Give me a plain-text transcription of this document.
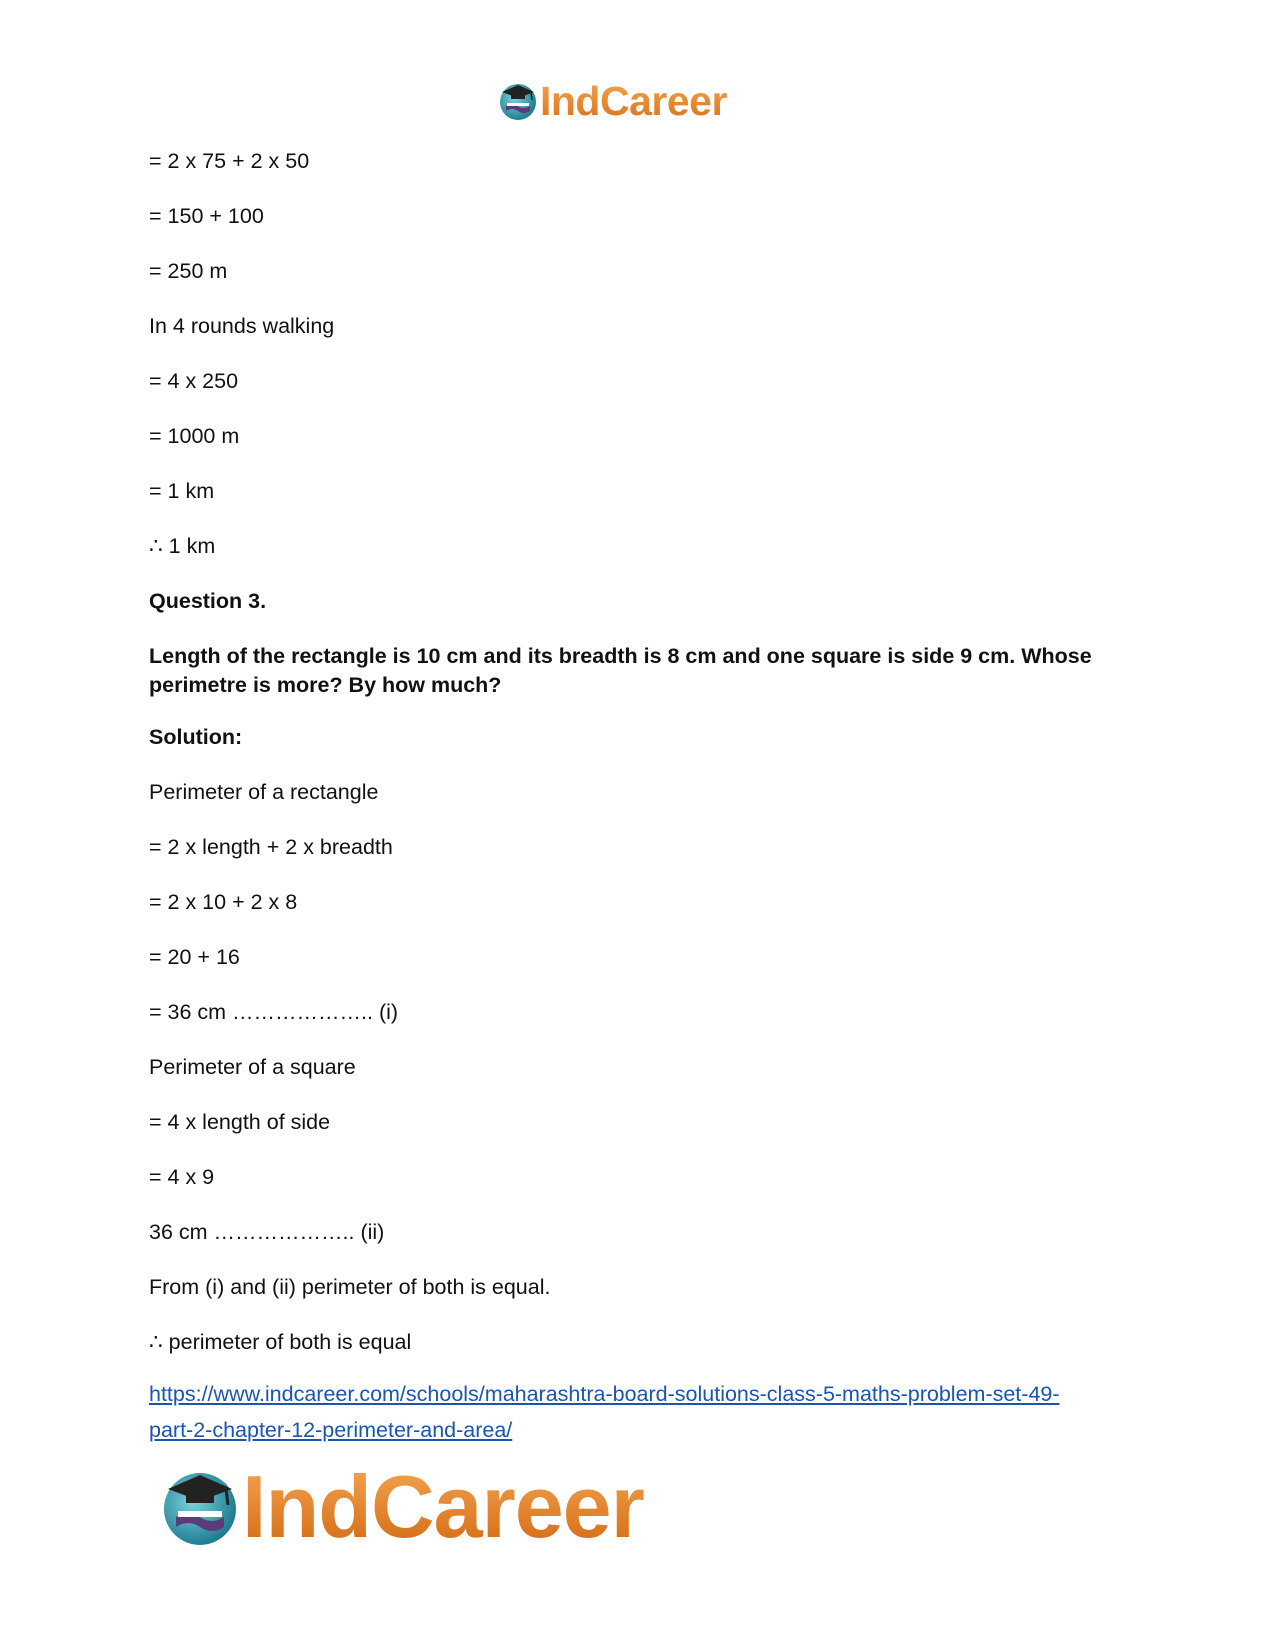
IndCareer
= 2 x 75 + 2 x 50
= 150 + 100
= 250 m
In 4 rounds walking
= 4 x 250
= 1000 m
= 1 km
∴ 1 km
Question 3.
Length of the rectangle is 10 cm and its breadth is 8 cm and one square is side 9 cm. Whose perimetre is more? By how much?
Solution:
Perimeter of a rectangle
= 2 x length + 2 x breadth
= 2 x 10 + 2 x 8
= 20 + 16
= 36 cm ……………….. (i)
Perimeter of a square
= 4 x length of side
= 4 x 9
36 cm ……………….. (ii)
From (i) and (ii) perimeter of both is equal.
∴ perimeter of both is equal
https://www.indcareer.com/schools/maharashtra-board-solutions-class-5-maths-problem-set-49-
part-2-chapter-12-perimeter-and-area/
IndCareer
